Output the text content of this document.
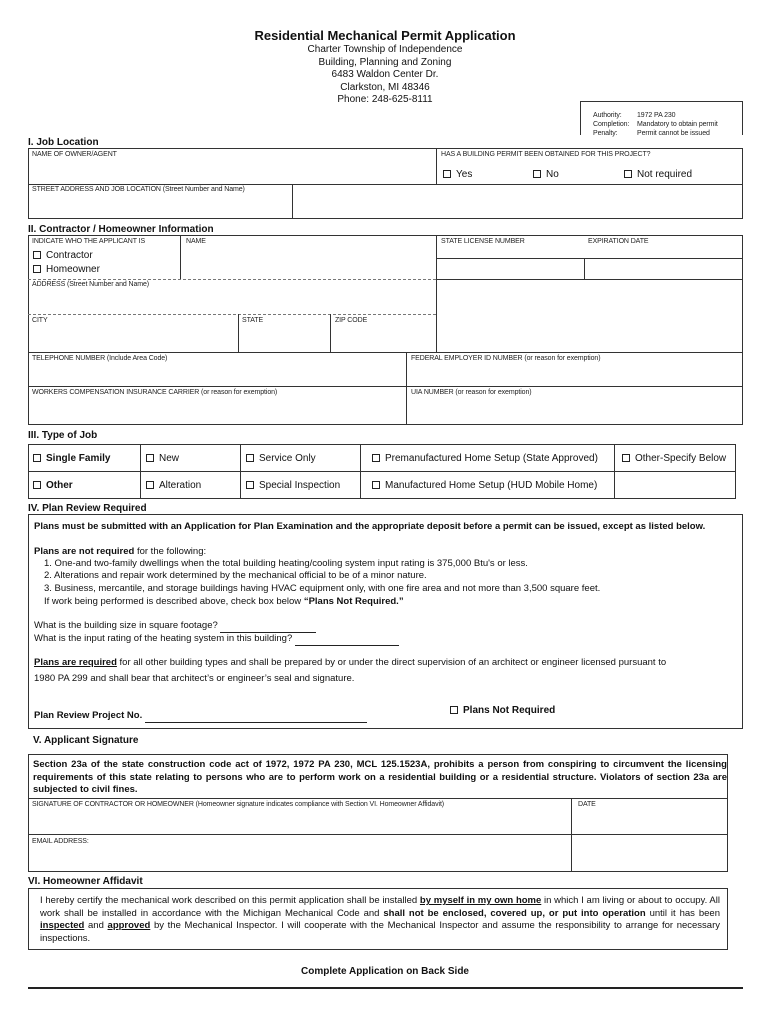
Residential Mechanical Permit Application
Charter Township of Independence
Building, Planning and Zoning
6483 Waldon Center Dr.
Clarkston, MI 48346
Phone: 248-625-8111
Authority: 1972 PA 230
Completion: Mandatory to obtain permit
Penalty:	Permit cannot be issued
I. Job Location
NAME OF OWNER/AGENT	HAS A BUILDING PERMIT BEEN OBTAINED FOR THIS PROJECT?
Yes	No	Not required
STREET ADDRESS AND JOB LOCATION (Street Number and Name)
II. Contractor / Homeowner Information
INDICATE WHO THE APPLICANT IS	NAME	STATE LICENSE NUMBER	EXPIRATION DATE
Contractor
Homeowner
ADDRESS (Street Number and Name)
CITY	STATE	ZIP CODE
TELEPHONE NUMBER (Include Area Code)	FEDERAL EMPLOYER ID NUMBER (or reason for exemption)
WORKERS COMPENSATION INSURANCE CARRIER (or reason for exemption)	UIA NUMBER (or reason for exemption)
III. Type of Job
Single Family	New	Service Only	Premanufactured Home Setup (State Approved)	Other-Specify Below
Other	Alteration	Special Inspection	Manufactured Home Setup (HUD Mobile Home)
IV. Plan Review Required
Plans must be submitted with an Application for Plan Examination and the appropriate deposit before a permit can be issued, except as listed below.
Plans are not required for the following:
1. One-and two-family dwellings when the total building heating/cooling system input rating is 375,000 Btu's or less.
2. Alterations and repair work determined by the mechanical official to be of a minor nature.
3. Business, mercantile, and storage buildings having HVAC equipment only, with one fire area and not more than 3,500 square feet.
If work being performed is described above, check box below “Plans Not Required.”
What is the building size in square footage?
What is the input rating of the heating system in this building?
Plans are required for all other building types and shall be prepared by or under the direct supervision of an architect or engineer licensed pursuant to
1980 PA 299 and shall bear that architect’s or engineer’s seal and signature.
Plans Not Required
Plan Review Project No.
V. Applicant Signature
Section 23a of the state construction code act of 1972, 1972 PA 230, MCL 125.1523A, prohibits a person from conspiring to circumvent the licensing requirements of this state relating to persons who are to perform work on a residential building or a residential structure. Violators of section 23a are subjected to civil fines.
SIGNATURE OF CONTRACTOR OR HOMEOWNER (Homeowner signature indicates compliance with Section VI. Homeowner Affidavit)	DATE
EMAIL ADDRESS:
VI. Homeowner Affidavit
I hereby certify the mechanical work described on this permit application shall be installed by myself in my own home in which I am living or about to occupy. All work shall be installed in accordance with the Michigan Mechanical Code and shall not be enclosed, covered up, or put into operation until it has been inspected and approved by the Mechanical Inspector. I will cooperate with the Mechanical Inspector and assume the responsibility to arrange for necessary inspections.
Complete Application on Back Side
